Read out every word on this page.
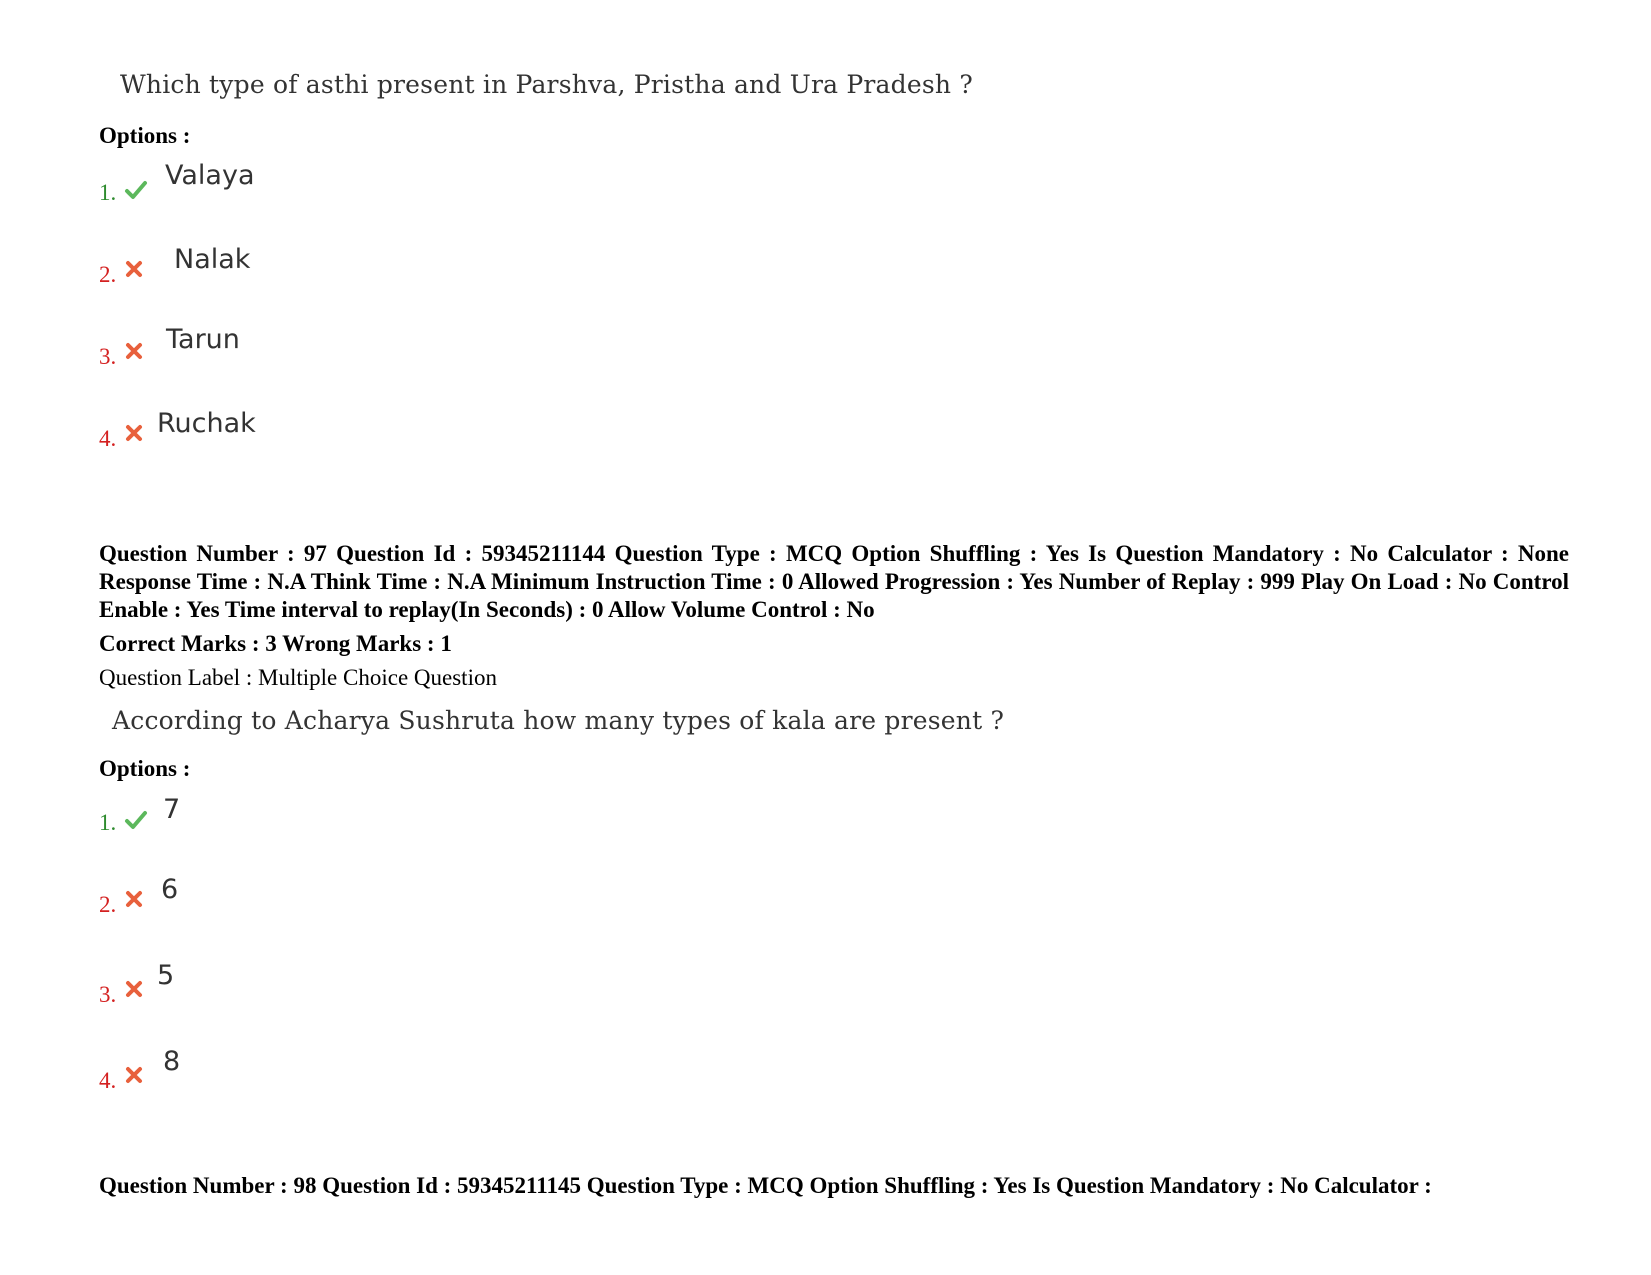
Which type of asthi present in Parshva, Pristha and Ura Pradesh ?
Options :
1.
Valaya
2. Nalak
3.
Tarun
4. Ruchak
Question Number : 97 Question Id : 59345211144 Question Type : MCQ Option Shuffling : Yes Is Question Mandatory : No Calculator : None Response Time : N.A Think Time : N.A Minimum Instruction Time : 0 Allowed Progression : Yes Number of Replay : 999 Play On Load : No Control Enable : Yes Time interval to replay(In Seconds) : 0 Allow Volume Control : No
Correct Marks : 3 Wrong Marks : 1
Question Label : Multiple Choice Question
According to Acharya Sushruta how many types of kala are present ?
Options :
1. 7
2. 6
3.
5
4.
8
Question Number : 98 Question Id : 59345211145 Question Type : MCQ Option Shuffling : Yes Is Question Mandatory : No Calculator :
